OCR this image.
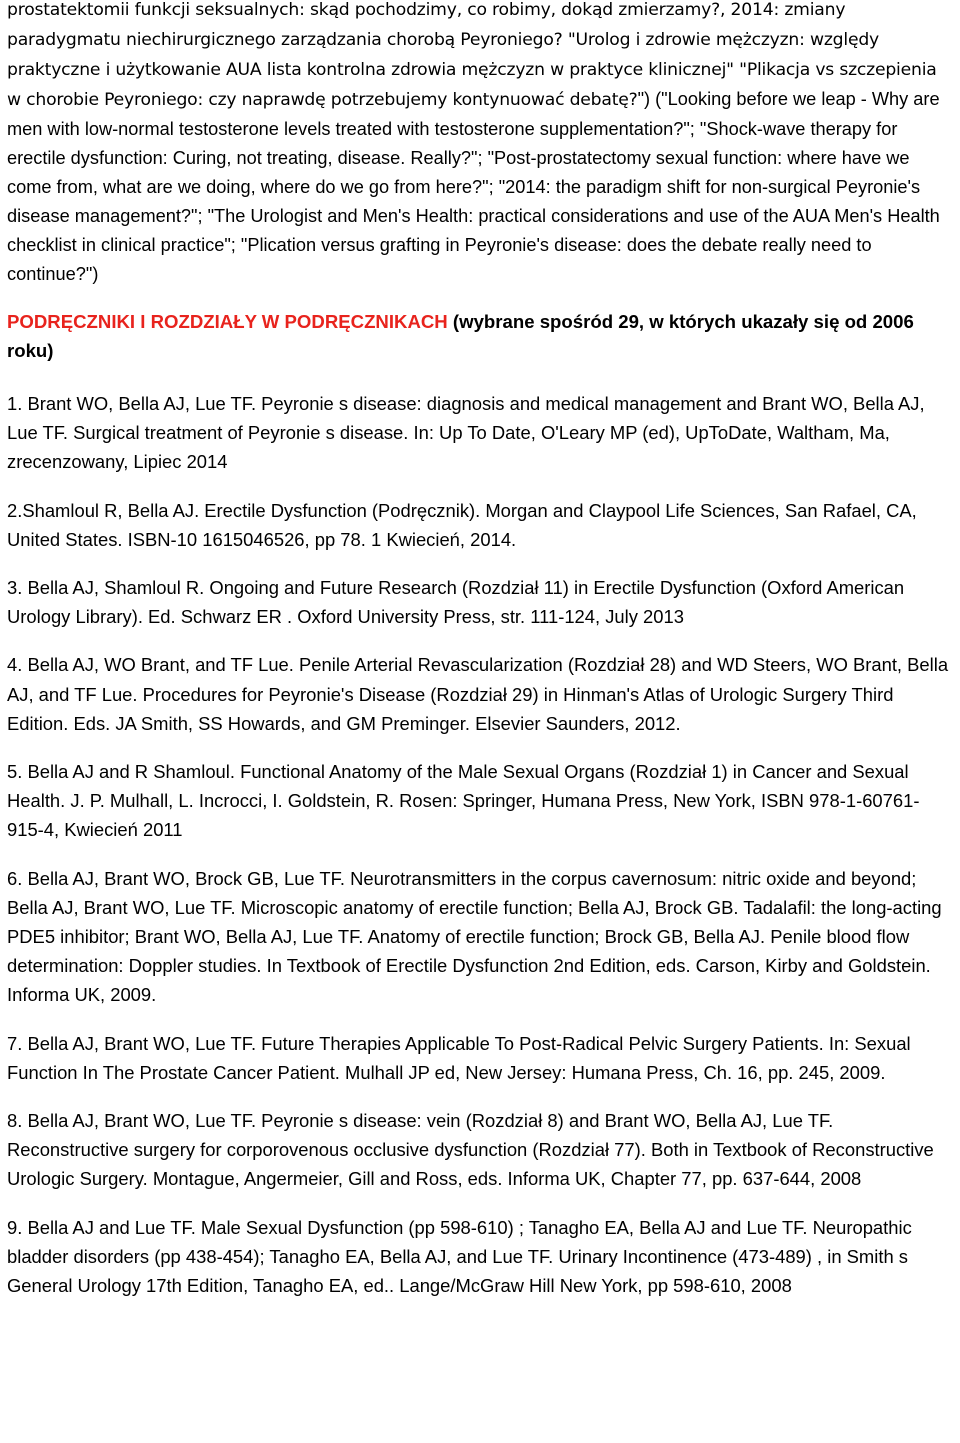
prostatektomii funkcji seksualnych: skąd pochodzimy, co robimy, dokąd zmierzamy?, 2014: zmiany paradygmatu niechirurgicznego zarządzania chorobą Peyroniego? "Urolog i zdrowie mężczyzn: względy praktyczne i użytkowanie AUA lista kontrolna zdrowia mężczyzn w praktyce klinicznej" "Plikacja vs szczepienia w chorobie Peyroniego: czy naprawdę potrzebujemy kontynuować debatę?") ("Looking before we leap - Why are men with low-normal testosterone levels treated with testosterone supplementation?"; "Shock-wave therapy for erectile dysfunction: Curing, not treating, disease. Really?"; "Post-prostatectomy sexual function: where have we come from, what are we doing, where do we go from here?"; "2014: the paradigm shift for non-surgical Peyronie's disease management?"; "The Urologist and Men's Health: practical considerations and use of the AUA Men's Health checklist in clinical practice"; "Plication versus grafting in Peyronie's disease: does the debate really need to continue?")

PODRĘCZNIKI I ROZDZIAŁY W PODRĘCZNIKACH (wybrane spośród 29, w których ukazały się od 2006 roku)

1. Brant WO, Bella AJ, Lue TF. Peyronie s disease: diagnosis and medical management and Brant WO, Bella AJ, Lue TF. Surgical treatment of Peyronie s disease. In: Up To Date, O'Leary MP (ed), UpToDate, Waltham, Ma, zrecenzowany, Lipiec 2014

2.Shamloul R, Bella AJ. Erectile Dysfunction (Podręcznik). Morgan and Claypool Life Sciences, San Rafael, CA, United States. ISBN-10 1615046526, pp 78. 1 Kwiecień, 2014.

3. Bella AJ, Shamloul R. Ongoing and Future Research (Rozdział 11) in Erectile Dysfunction (Oxford American Urology Library). Ed. Schwarz ER . Oxford University Press, str. 111-124, July 2013

4. Bella AJ, WO Brant, and TF Lue. Penile Arterial Revascularization (Rozdział 28) and WD Steers, WO Brant, Bella AJ, and TF Lue. Procedures for Peyronie's Disease (Rozdział 29) in Hinman's Atlas of Urologic Surgery Third Edition. Eds. JA Smith, SS Howards, and GM Preminger. Elsevier Saunders, 2012.

5. Bella AJ and R Shamloul. Functional Anatomy of the Male Sexual Organs (Rozdział 1) in Cancer and Sexual Health. J. P. Mulhall, L. Incrocci, I. Goldstein, R. Rosen: Springer, Humana Press, New York, ISBN 978-1-60761-915-4, Kwiecień 2011

6. Bella AJ, Brant WO, Brock GB, Lue TF. Neurotransmitters in the corpus cavernosum: nitric oxide and beyond; Bella AJ, Brant WO, Lue TF. Microscopic anatomy of erectile function; Bella AJ, Brock GB. Tadalafil: the long-acting PDE5 inhibitor; Brant WO, Bella AJ, Lue TF. Anatomy of erectile function; Brock GB, Bella AJ. Penile blood flow determination: Doppler studies. In Textbook of Erectile Dysfunction 2nd Edition, eds. Carson, Kirby and Goldstein. Informa UK, 2009.

7. Bella AJ, Brant WO, Lue TF. Future Therapies Applicable To Post-Radical Pelvic Surgery Patients. In: Sexual Function In The Prostate Cancer Patient. Mulhall JP ed, New Jersey: Humana Press, Ch. 16, pp. 245, 2009.

8. Bella AJ, Brant WO, Lue TF. Peyronie s disease: vein (Rozdział 8) and Brant WO, Bella AJ, Lue TF. Reconstructive surgery for corporovenous occlusive dysfunction (Rozdział 77). Both in Textbook of Reconstructive Urologic Surgery. Montague, Angermeier, Gill and Ross, eds. Informa UK, Chapter 77, pp. 637-644, 2008

9. Bella AJ and Lue TF. Male Sexual Dysfunction (pp 598-610) ; Tanagho EA, Bella AJ and Lue TF. Neuropathic bladder disorders (pp 438-454); Tanagho EA, Bella AJ, and Lue TF. Urinary Incontinence (473-489) , in Smith s General Urology 17th Edition, Tanagho EA, ed.. Lange/McGraw Hill New York, pp 598-610, 2008
